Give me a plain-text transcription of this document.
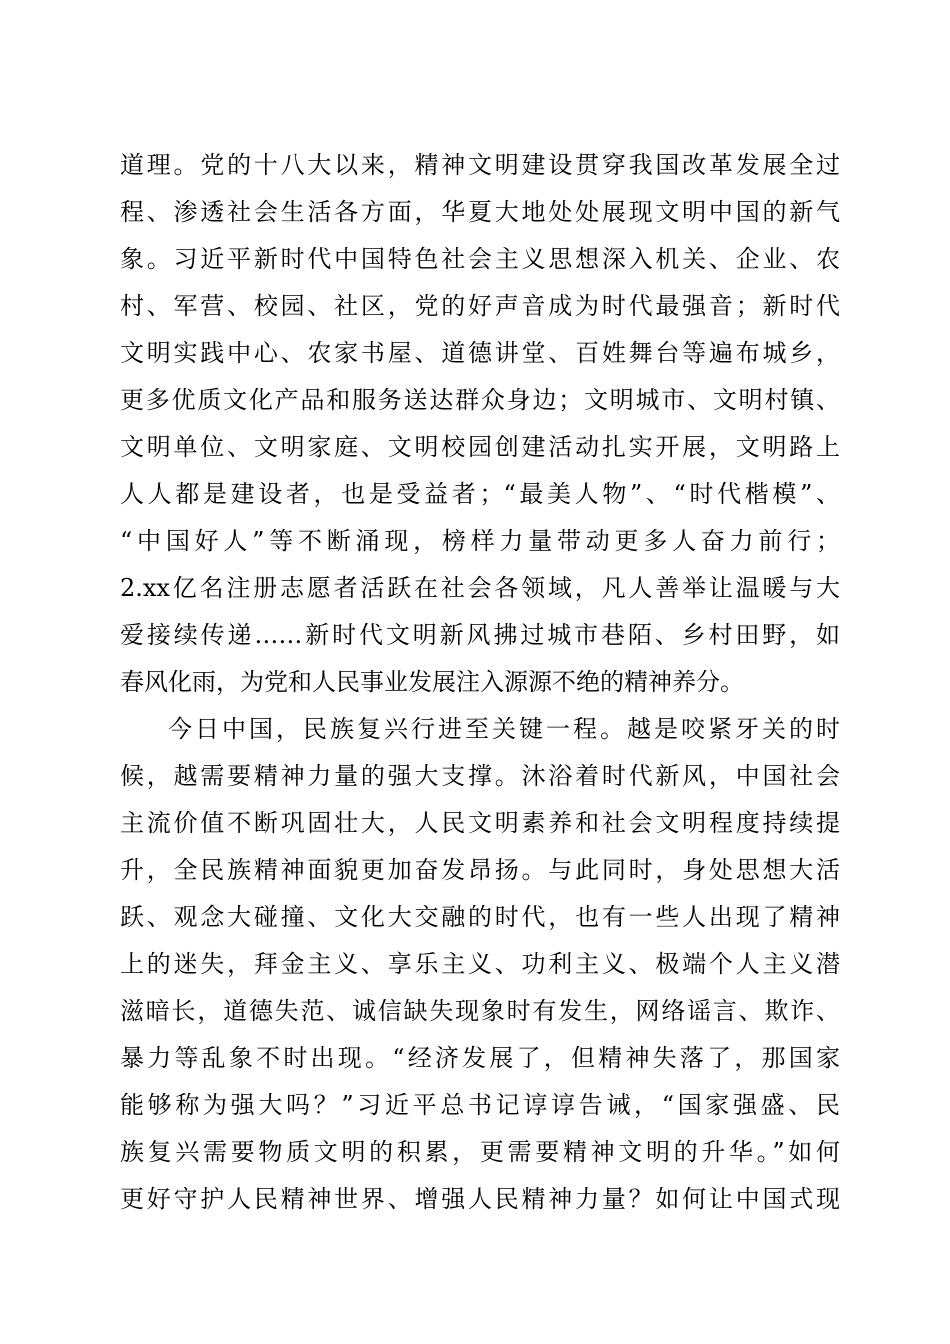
道理。党的十八大以来，精神文明建设贯穿我国改革发展全过
程、渗透社会生活各方面，华夏大地处处展现文明中国的新气
象。习近平新时代中国特色社会主义思想深入机关、企业、农
村、军营、校园、社区，党的好声音成为时代最强音；新时代
文明实践中心、农家书屋、道德讲堂、百姓舞台等遍布城乡，
更多优质文化产品和服务送达群众身边；文明城市、文明村镇、
文明单位、文明家庭、文明校园创建活动扎实开展，文明路上
人人都是建设者，也是受益者；“最美人物”、“时代楷模”、
“中国好人”等不断涌现，榜样力量带动更多人奋力前行；
2.xx亿名注册志愿者活跃在社会各领域，凡人善举让温暖与大
爱接续传递……新时代文明新风拂过城市巷陌、乡村田野，如
春风化雨，为党和人民事业发展注入源源不绝的精神养分。
今日中国，民族复兴行进至关键一程。越是咬紧牙关的时
候，越需要精神力量的强大支撑。沐浴着时代新风，中国社会
主流价值不断巩固壮大，人民文明素养和社会文明程度持续提
升，全民族精神面貌更加奋发昂扬。与此同时，身处思想大活
跃、观念大碰撞、文化大交融的时代，也有一些人出现了精神
上的迷失，拜金主义、享乐主义、功利主义、极端个人主义潜
滋暗长，道德失范、诚信缺失现象时有发生，网络谣言、欺诈、
暴力等乱象不时出现。“经济发展了，但精神失落了，那国家
能够称为强大吗？”习近平总书记谆谆告诫，“国家强盛、民
族复兴需要物质文明的积累，更需要精神文明的升华。”如何
更好守护人民精神世界、增强人民精神力量？如何让中国式现
